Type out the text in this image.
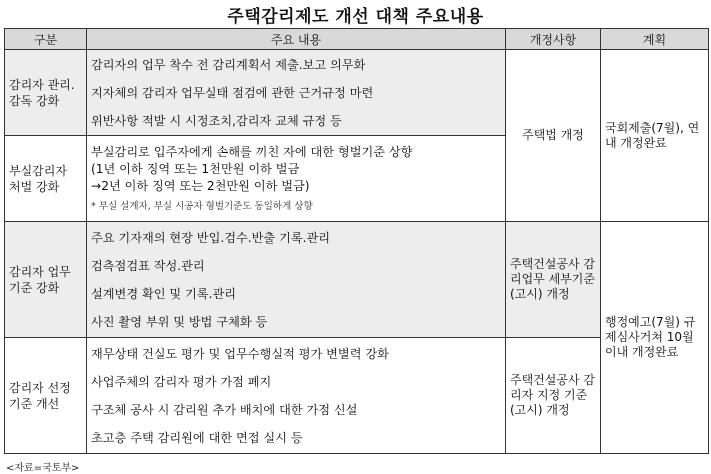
주택감리제도 개선 대책 주요내용
구분	주요 내용	개정사항	계획
감리자 관리.감독 강화	감리자의 업무 착수 전 감리계획서 제출.보고 의무화
지자체의 감리자 업무실태 점검에 관한 근거규정 마련
위반사항 적발 시 시정조치,감리자 교체 규정 등	주택법 개정	국회제출(7월), 연내 개정완료
부실감리자 처벌 강화	부실감리로 입주자에게 손해를 끼친 자에 대한 형벌기준 상향
(1년 이하 징역 또는 1천만원 이하 벌금
→2년 이하 징역 또는 2천만원 이하 벌금)
* 부실 설계자, 부실 시공자 형벌기준도 동일하게 상향		

감리자 업무 기준 강화	주요 기자재의 현장 반입.검수.반출 기록.관리
검측점검표 작성.관리
설계변경 확인 및 기록.관리
사진 촬영 부위 및 방법 구체화 등	주택건설공사 감리업무 세부기준(고시) 개정	행정예고(7월) 규제심사거쳐 10월이내 개정완료
감리자 선정 기준 개선	재무상태 건실도 평가 및 업무수행실적 평가 변별력 강화
사업주체의 감리자 평가 가점 폐지
구조체 공사 시 감리원 추가 배치에 대한 가점 신설
초고층 주택 감리원에 대한 면접 실시 등	주택건설공사 감리자 지정 기준(고시) 개정	
<자료=국토부>
